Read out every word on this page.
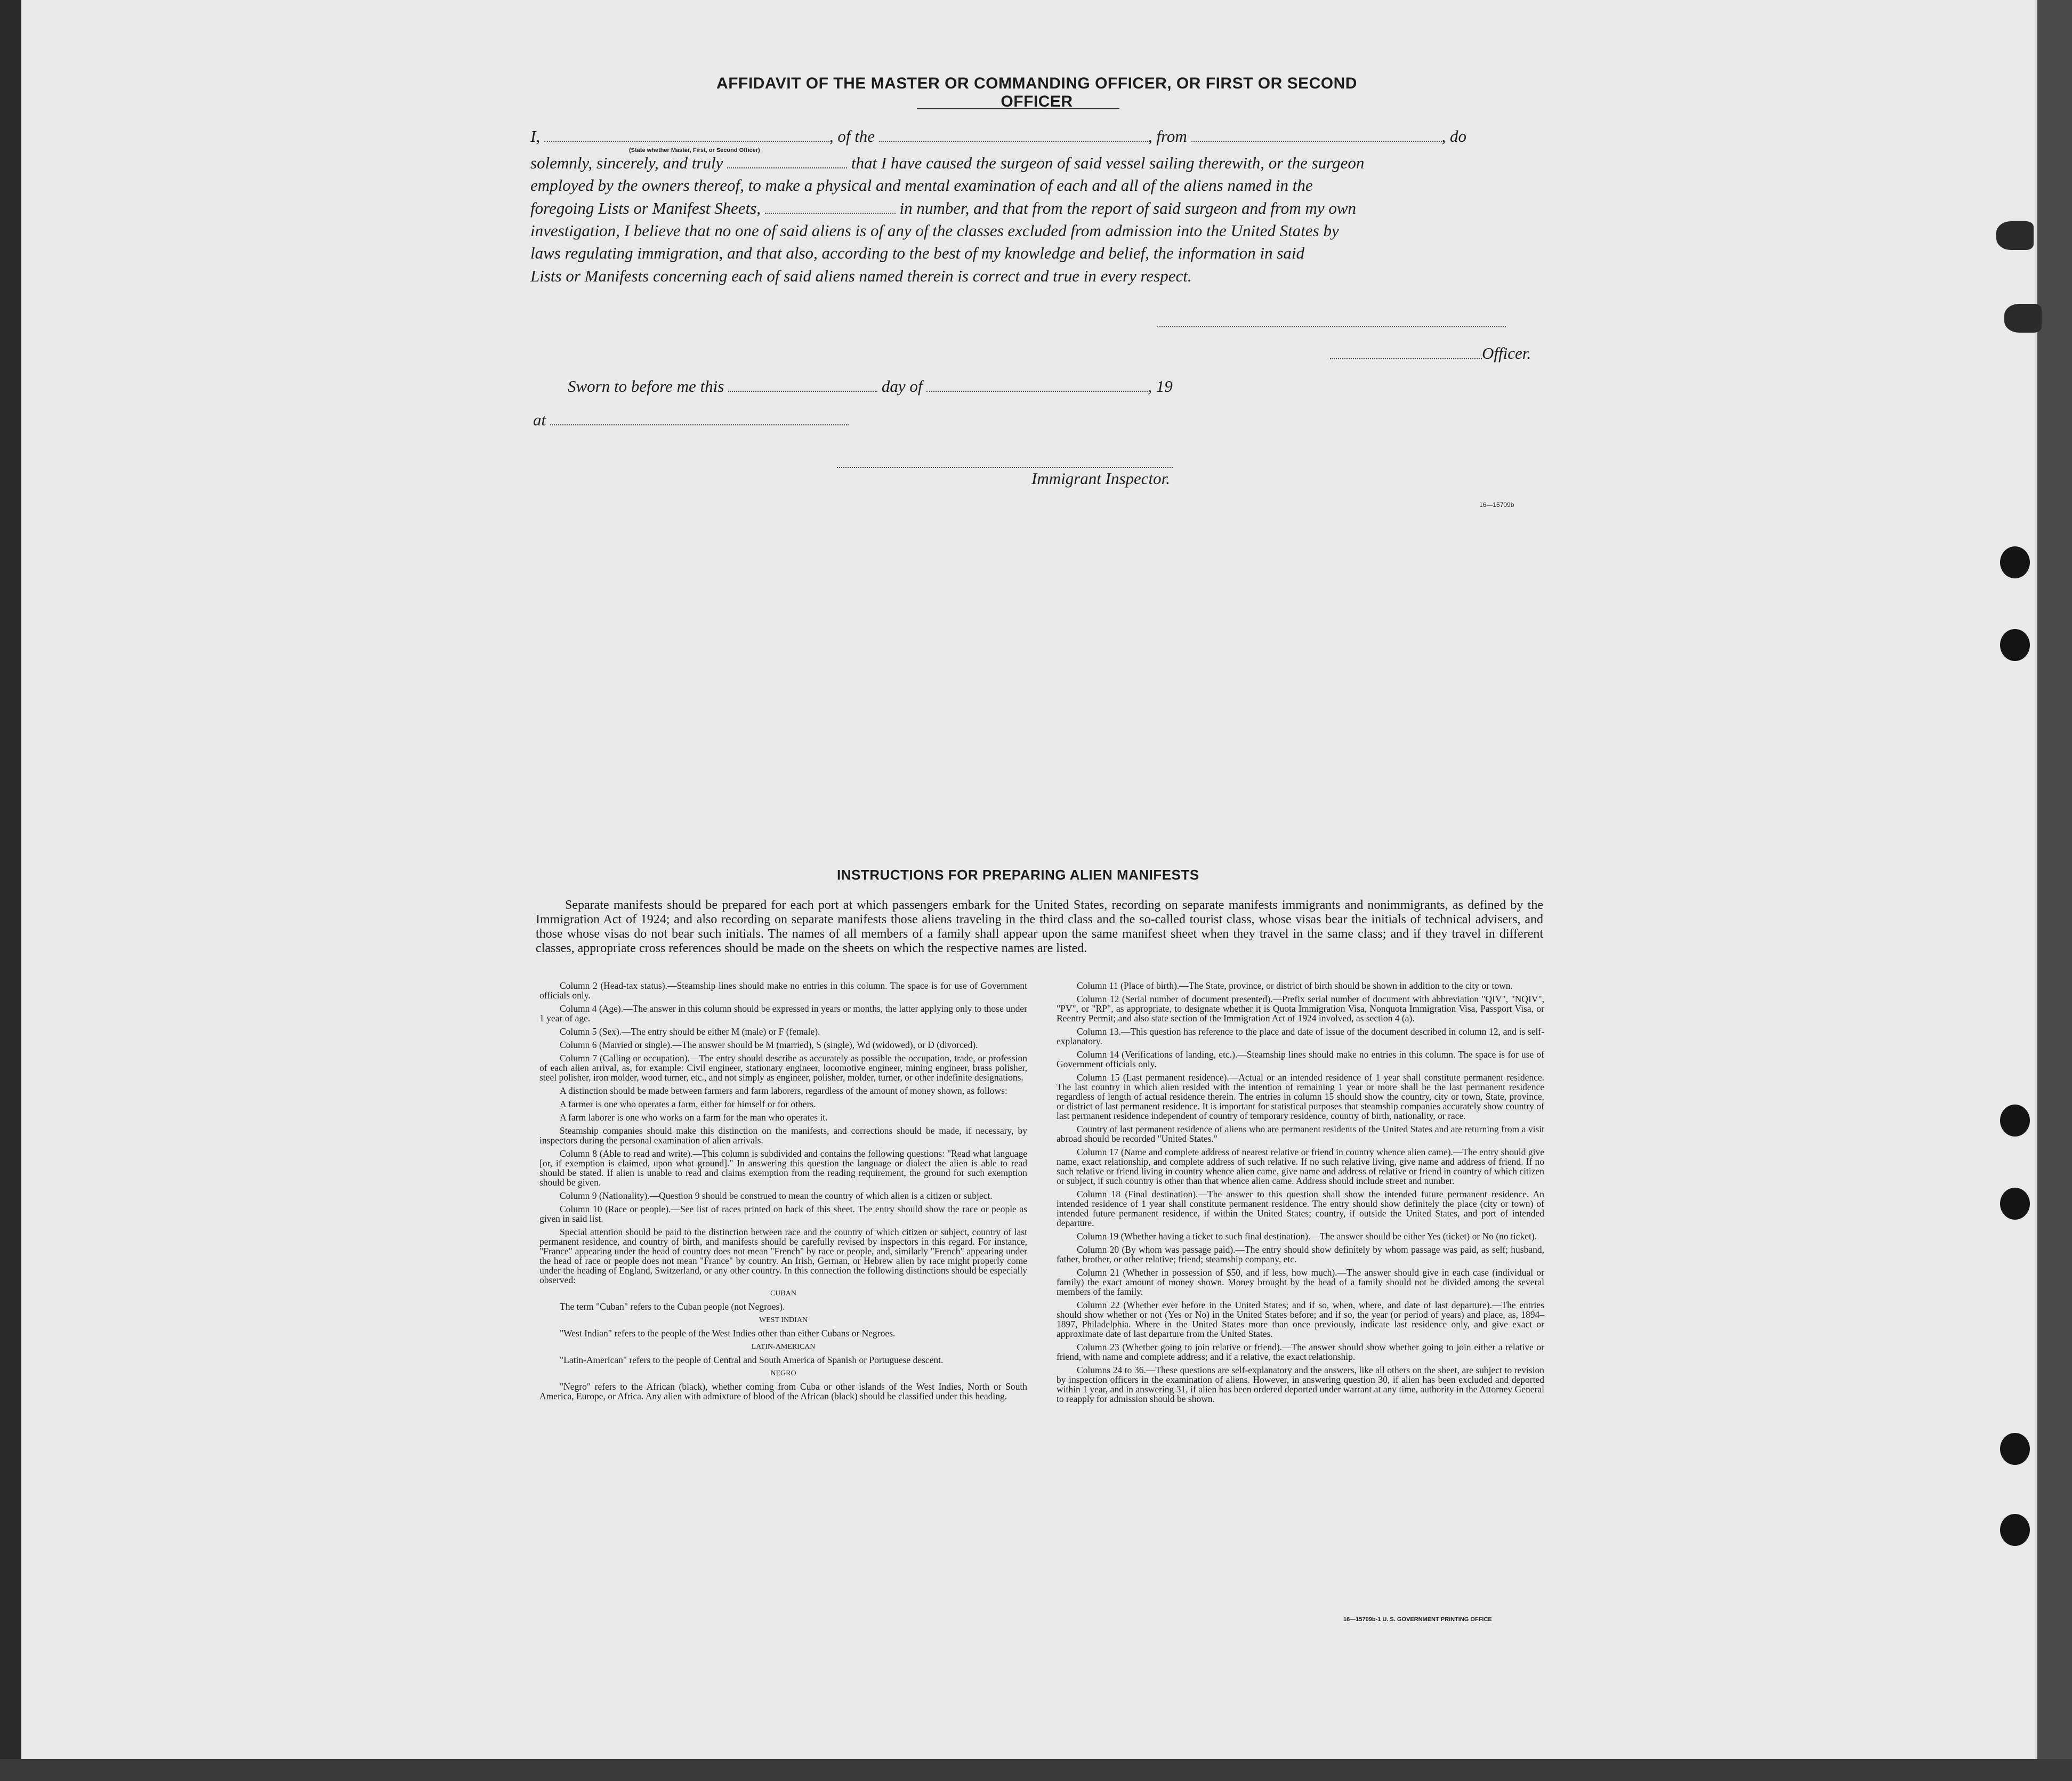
AFFIDAVIT OF THE MASTER OR COMMANDING OFFICER, OR FIRST OR SECOND OFFICER
I,	, of the	, from	, do
(State whether Master, First, or Second Officer)
solemnly, sincerely, and truly	that I have caused the surgeon of said vessel sailing therewith, or the surgeon
employed by the owners thereof, to make a physical and mental examination of each and all of the aliens named in the
foregoing Lists or Manifest Sheets,	in number, and that from the report of said surgeon and from my own
investigation, I believe that no one of said aliens is of any of the classes excluded from admission into the United States by
laws regulating immigration, and that also, according to the best of my knowledge and belief, the information in said
Lists or Manifests concerning each of said aliens named therein is correct and true in every respect.
Officer.
Sworn to before me this	day of	, 19
at
Immigrant Inspector.
16—15709b
INSTRUCTIONS FOR PREPARING ALIEN MANIFESTS
Separate manifests should be prepared for each port at which passengers embark for the United States, recording on separate manifests immigrants and nonimmigrants, as defined by the Immigration Act of 1924; and also recording on separate manifests those aliens traveling in the third class and the so-called tourist class, whose visas bear the initials of technical advisers, and those whose visas do not bear such initials. The names of all members of a family shall appear upon the same manifest sheet when they travel in the same class; and if they travel in different classes, appropriate cross references should be made on the sheets on which the respective names are listed.

Column 2 (Head-tax status).—Steamship lines should make no entries in this column. The space is for use of Government officials only.

Column 4 (Age).—The answer in this column should be expressed in years or months, the latter applying only to those under 1 year of age.

Column 5 (Sex).—The entry should be either M (male) or F (female).

Column 6 (Married or single).—The answer should be M (married), S (single), Wd (widowed), or D (divorced).

Column 7 (Calling or occupation).—The entry should describe as accurately as possible the occupation, trade, or profession of each alien arrival, as, for example: Civil engineer, stationary engineer, locomotive engineer, mining engineer, brass polisher, steel polisher, iron molder, wood turner, etc., and not simply as engineer, polisher, molder, turner, or other indefinite designations.

A distinction should be made between farmers and farm laborers, regardless of the amount of money shown, as follows:

A farmer is one who operates a farm, either for himself or for others.

A farm laborer is one who works on a farm for the man who operates it.

Steamship companies should make this distinction on the manifests, and corrections should be made, if necessary, by inspectors during the personal examination of alien arrivals.

Column 8 (Able to read and write).—This column is subdivided and contains the following questions: "Read what language [or, if exemption is claimed, upon what ground]." In answering this question the language or dialect the alien is able to read should be stated. If alien is unable to read and claims exemption from the reading requirement, the ground for such exemption should be given.

Column 9 (Nationality).—Question 9 should be construed to mean the country of which alien is a citizen or subject.

Column 10 (Race or people).—See list of races printed on back of this sheet. The entry should show the race or people as given in said list.

Special attention should be paid to the distinction between race and the country of which citizen or subject, country of last permanent residence, and country of birth, and manifests should be carefully revised by inspectors in this regard. For instance, "France" appearing under the head of country does not mean "French" by race or people, and, similarly "French" appearing under the head of race or people does not mean "France" by country. An Irish, German, or Hebrew alien by race might properly come under the heading of England, Switzerland, or any other country. In this connection the following distinctions should be especially observed:

CUBAN

The term "Cuban" refers to the Cuban people (not Negroes).

WEST INDIAN

"West Indian" refers to the people of the West Indies other than either Cubans or Negroes.

LATIN-AMERICAN

"Latin-American" refers to the people of Central and South America of Spanish or Portuguese descent.

NEGRO

"Negro" refers to the African (black), whether coming from Cuba or other islands of the West Indies, North or South America, Europe, or Africa. Any alien with admixture of blood of the African (black) should be classified under this heading.

Column 11 (Place of birth).—The State, province, or district of birth should be shown in addition to the city or town.

Column 12 (Serial number of document presented).—Prefix serial number of document with abbreviation "QIV", "NQIV", "PV", or "RP", as appropriate, to designate whether it is Quota Immigration Visa, Nonquota Immigration Visa, Passport Visa, or Reentry Permit; and also state section of the Immigration Act of 1924 involved, as section 4 (a).

Column 13.—This question has reference to the place and date of issue of the document described in column 12, and is self-explanatory.

Column 14 (Verifications of landing, etc.).—Steamship lines should make no entries in this column. The space is for use of Government officials only.

Column 15 (Last permanent residence).—Actual or an intended residence of 1 year shall constitute permanent residence. The last country in which alien resided with the intention of remaining 1 year or more shall be the last permanent residence regardless of length of actual residence therein. The entries in column 15 should show the country, city or town, State, province, or district of last permanent residence. It is important for statistical purposes that steamship companies accurately show country of last permanent residence independent of country of temporary residence, country of birth, nationality, or race.

Country of last permanent residence of aliens who are permanent residents of the United States and are returning from a visit abroad should be recorded "United States."

Column 17 (Name and complete address of nearest relative or friend in country whence alien came).—The entry should give name, exact relationship, and complete address of such relative. If no such relative living, give name and address of friend. If no such relative or friend living in country whence alien came, give name and address of relative or friend in country of which citizen or subject, if such country is other than that whence alien came. Address should include street and number.

Column 18 (Final destination).—The answer to this question shall show the intended future permanent residence. An intended residence of 1 year shall constitute permanent residence. The entry should show definitely the place (city or town) of intended future permanent residence, if within the United States; country, if outside the United States, and port of intended departure.

Column 19 (Whether having a ticket to such final destination).—The answer should be either Yes (ticket) or No (no ticket).

Column 20 (By whom was passage paid).—The entry should show definitely by whom passage was paid, as self; husband, father, brother, or other relative; friend; steamship company, etc.

Column 21 (Whether in possession of $50, and if less, how much).—The answer should give in each case (individual or family) the exact amount of money shown. Money brought by the head of a family should not be divided among the several members of the family.

Column 22 (Whether ever before in the United States; and if so, when, where, and date of last departure).—The entries should show whether or not (Yes or No) in the United States before; and if so, the year (or period of years) and place, as, 1894–1897, Philadelphia. Where in the United States more than once previously, indicate last residence only, and give exact or approximate date of last departure from the United States.

Column 23 (Whether going to join relative or friend).—The answer should show whether going to join either a relative or friend, with name and complete address; and if a relative, the exact relationship.

Columns 24 to 36.—These questions are self-explanatory and the answers, like all others on the sheet, are subject to revision by inspection officers in the examination of aliens. However, in answering question 30, if alien has been excluded and deported within 1 year, and in answering 31, if alien has been ordered deported under warrant at any time, authority in the Attorney General to reapply for admission should be shown.

16—15709b-1 U. S. GOVERNMENT PRINTING OFFICE
